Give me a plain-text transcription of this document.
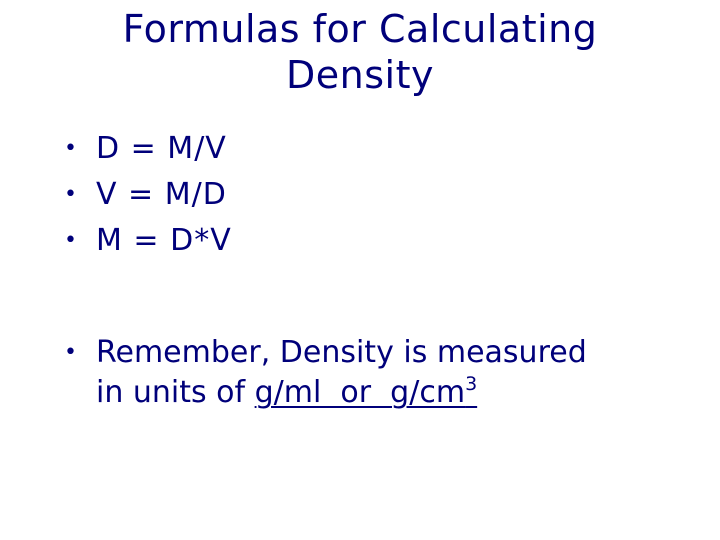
Formulas for Calculating
Density
• D = M/V
• V = M/D
• M = D*V
• Remember, Density is measured
in units of g/ml  or  $g/cm^3$
